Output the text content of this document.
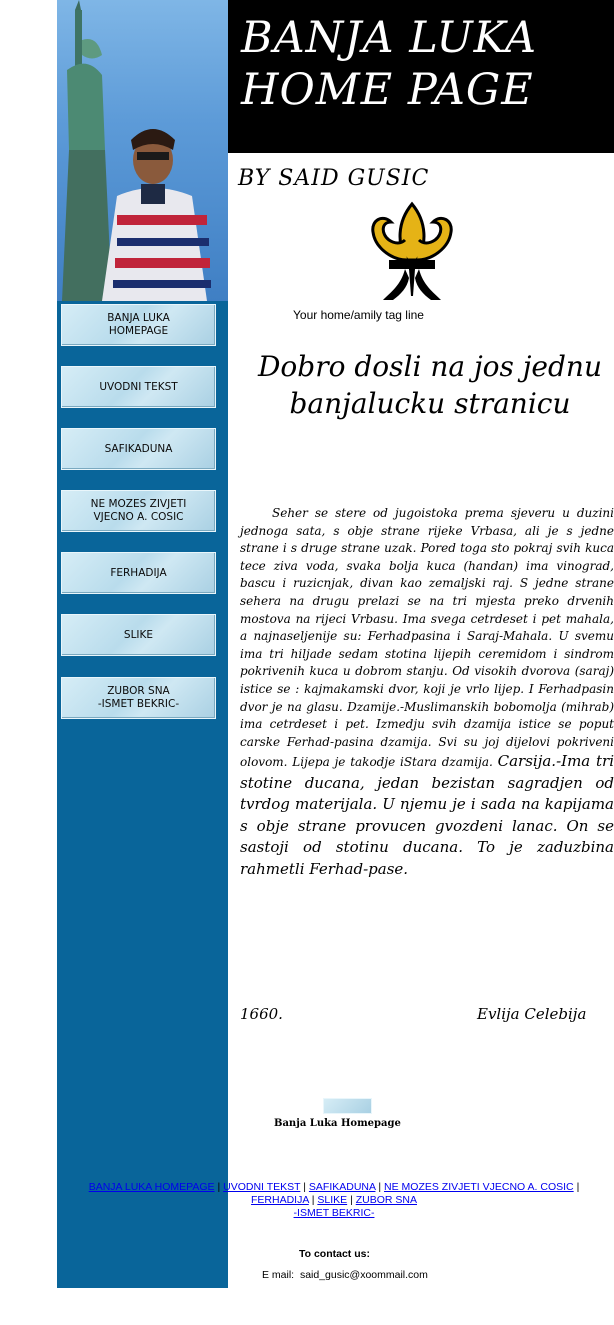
BANJA LUKA
HOMEPAGE
UVODNI TEKST
SAFIKADUNA
NE MOZES ZIVJETI
VJECNO A. COSIC
FERHADIJA
SLIKE
ZUBOR SNA
-ISMET BEKRIC-
BANJA LUKA
HOME PAGE
BY SAID GUSIC
Your home/amily tag line
Dobro dosli na jos jednu banjalucku stranicu

Seher se stere od jugoistoka prema sjeveru u duzini jednoga sata, s obje strane rijeke Vrbasa, ali je s jedne strane i s druge strane uzak. Pored toga sto pokraj svih kuca tece ziva voda, svaka bolja kuca (handan) ima vinograd, bascu i ruzicnjak, divan kao zemaljski raj. S jedne strane sehera na drugu prelazi se na tri mjesta preko drvenih mostova na rijeci Vrbasu. Ima svega cetrdeset i pet mahala, a najnaseljenije su: Ferhadpasina i Saraj-Mahala. U svemu ima tri hiljade sedam stotina lijepih ceremidom i sindrom pokrivenih kuca u dobrom stanju. Od visokih dvorova (saraj) istice se : kajmakamski dvor, koji je vrlo lijep. I Ferhadpasin dvor je na glasu. Dzamije.-Muslimanskih bobomolja (mihrab) ima cetrdeset i pet. Izmedju svih dzamija istice se poput carske Ferhad-pasina dzamija. Svi su joj dijelovi pokriveni olovom. Lijepa je takodje iStara dzamija. Carsija.-Ima tri stotine ducana, jedan bezistan sagradjen od tvrdog materijala. U njemu je i sada na kapijama s obje strane provucen gvozdeni lanac. On se sastoji od stotinu ducana. To je zaduzbina rahmetli Ferhad-pase.

1660.	Evlija Celebija
Banja Luka Homepage
BANJA LUKA HOMEPAGE | UVODNI TEKST | SAFIKADUNA | NE MOZES ZIVJETI VJECNO A. COSIC | FERHADIJA | SLIKE | ZUBOR SNA
-ISMET BEKRIC-
To contact us:
E mail: said_gusic@xoommail.com
